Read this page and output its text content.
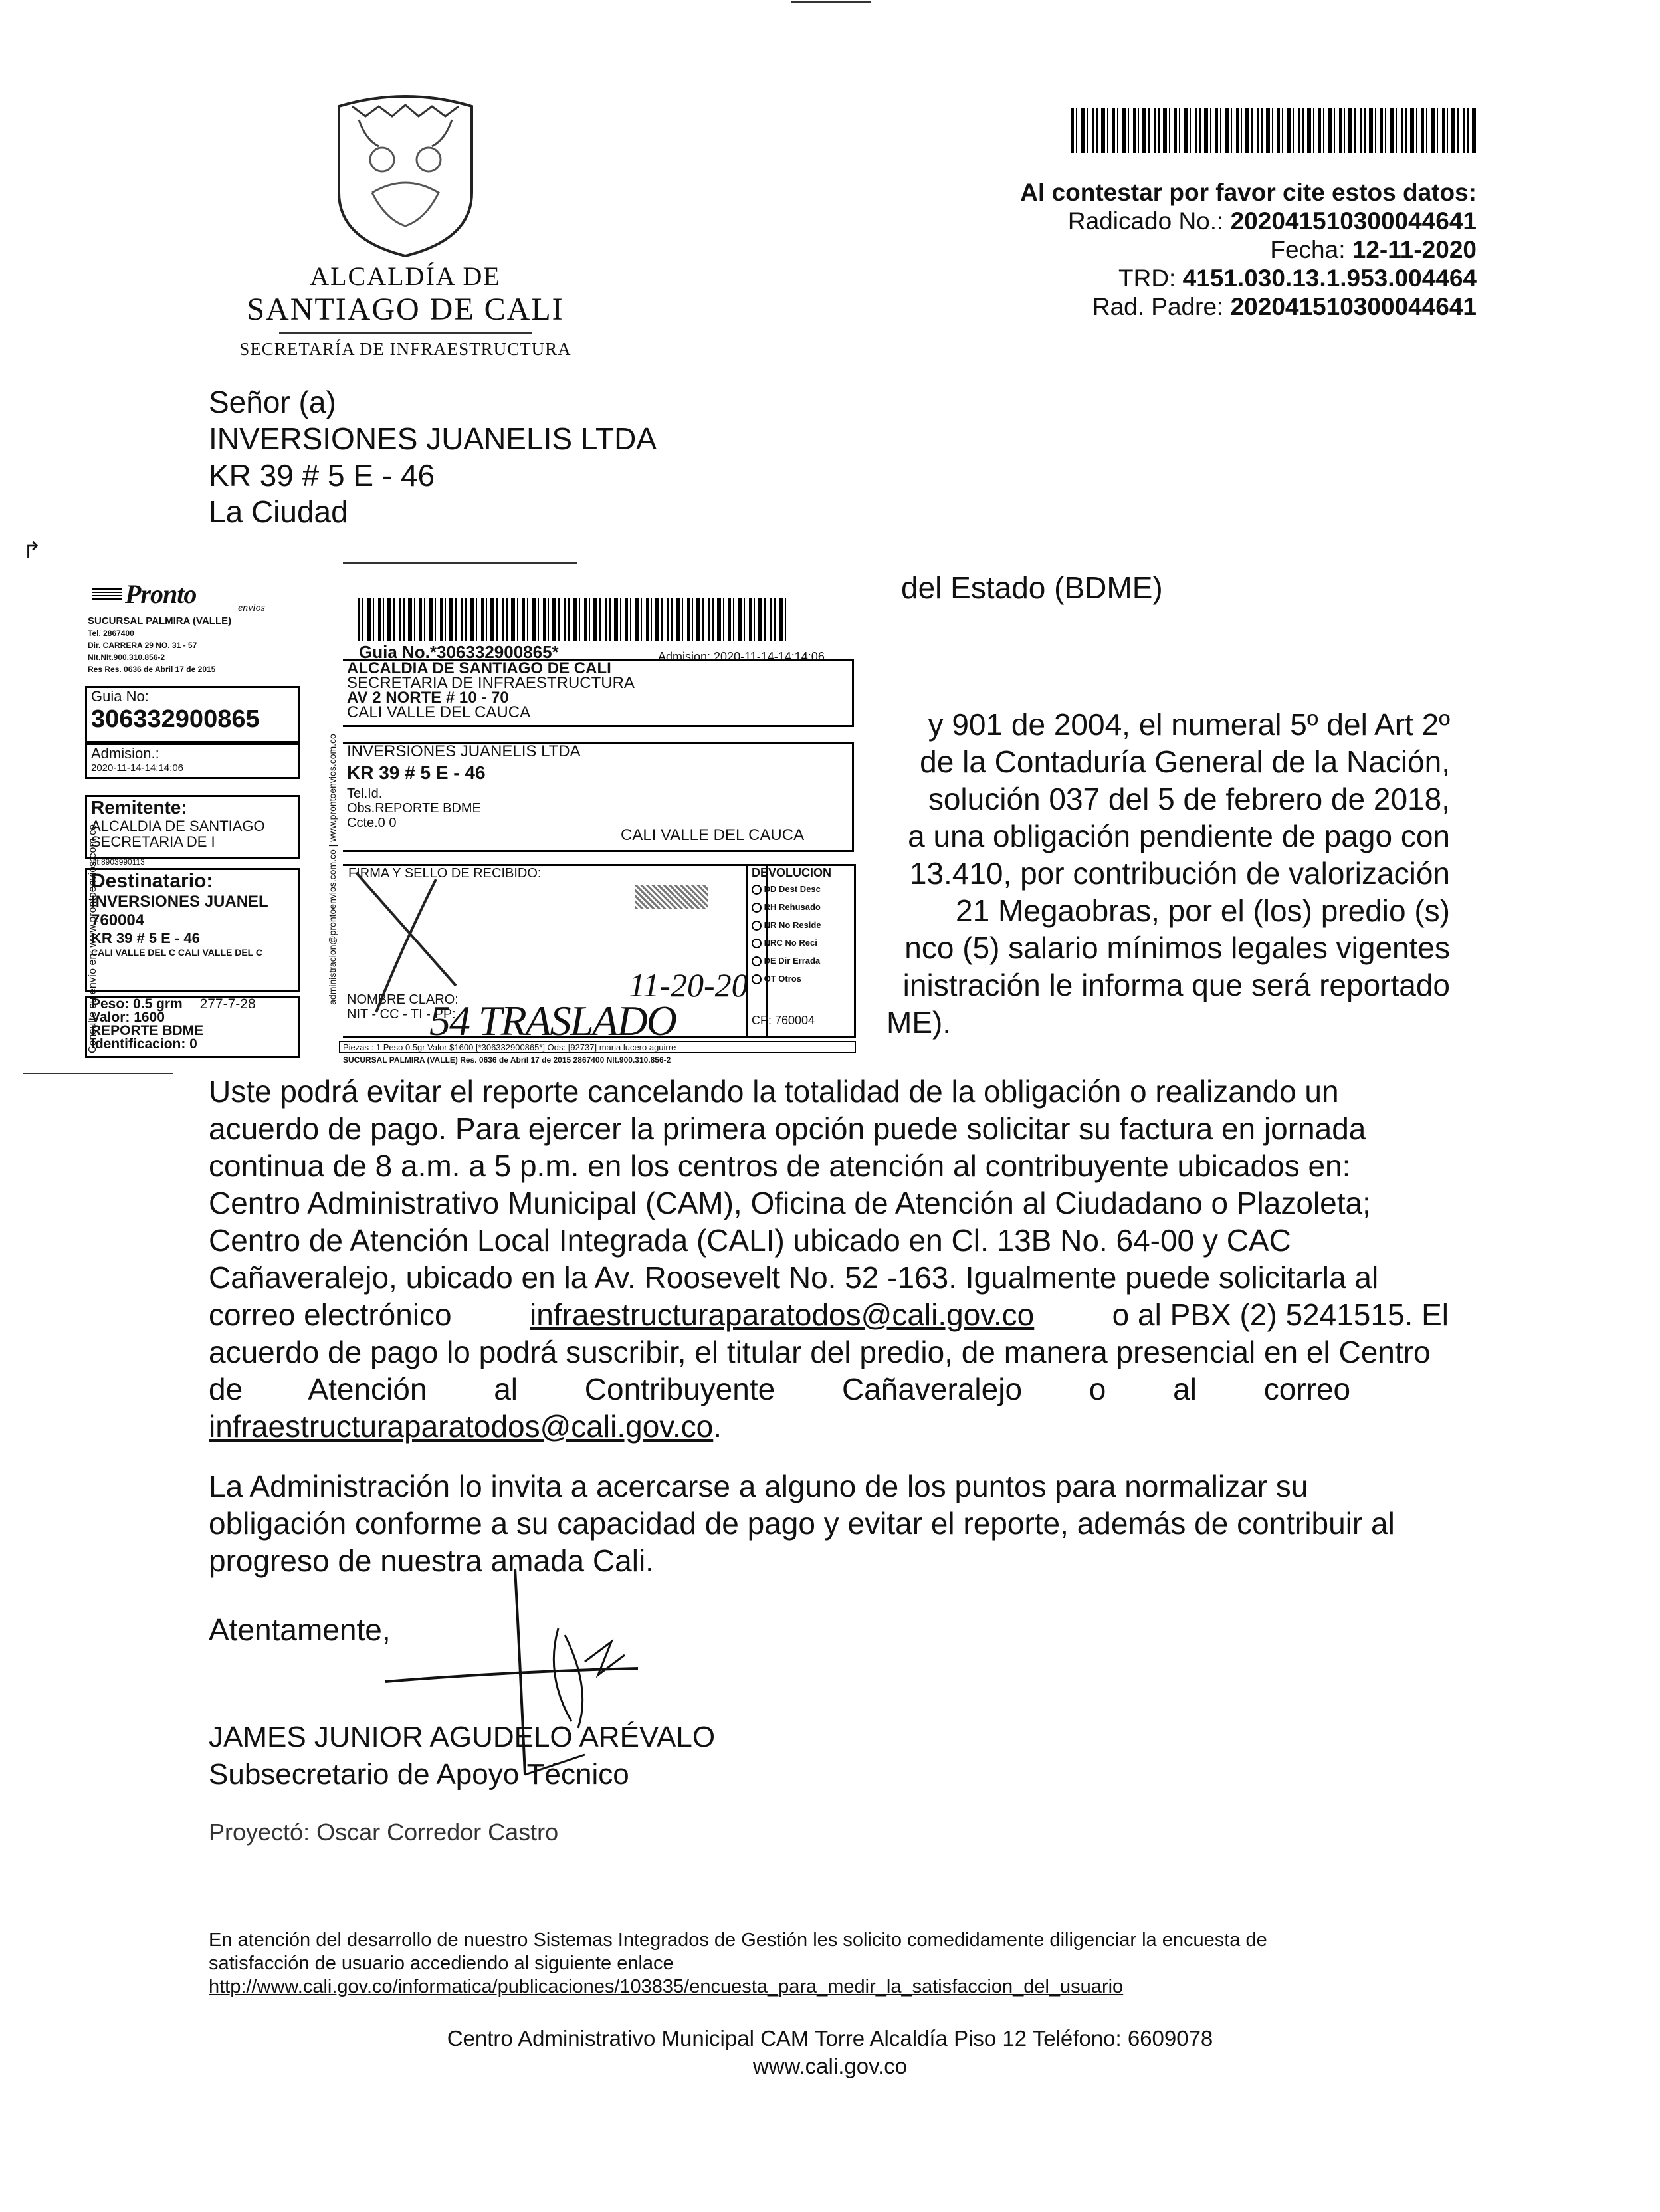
ALCALDÍA DE
SANTIAGO DE CALI
SECRETARÍA DE INFRAESTRUCTURA
Al contestar por favor cite estos datos:
Radicado No.: 202041510300044641
Fecha: 12-11-2020
TRD: 4151.030.13.1.953.004464
Rad. Padre: 202041510300044641
Señor (a)
INVERSIONES JUANELIS LTDA
KR 39 # 5 E - 46
La Ciudad
del Estado (BDME)
y 901 de 2004, el numeral 5º del Art 2º
de la Contaduría General de la Nación,
solución 037 del 5 de febrero de 2018,
a una obligación pendiente de pago con
13.410, por contribución de valorización
21 Megaobras, por el (los) predio (s)
nco (5) salario mínimos legales vigentes
inistración le informa que será reportado
ME).
Pronto	envíos
SUCURSAL PALMIRA (VALLE)
Tel. 2867400
Dir. CARRERA 29 NO. 31 - 57
NIt.NIt.900.310.856-2
Res Res. 0636 de Abril 17 de 2015
Guia No:
306332900865
Admision.:
2020-11-14-14:14:06
Remitente:
ALCALDIA DE SANTIAGO
SECRETARIA DE I
Nit:8903990113
Destinatario:
INVERSIONES JUANEL
760004
KR 39 # 5 E - 46
CALI VALLE DEL C CALI VALLE DEL C
Peso: 0.5 grm 277-7-28
Valor: 1600
REPORTE BDME
Identificacion: 0
Consulte su envío en: www.prontoenvios.com.co
Guia No.*306332900865*	Admision: 2020-11-14-14:14:06
ALCALDIA DE SANTIAGO DE CALI
SECRETARIA DE INFRAESTRUCTURA
AV 2 NORTE # 10 - 70
CALI VALLE DEL CAUCA
INVERSIONES JUANELIS LTDA
KR 39 # 5 E - 46
Tel.Id.
Obs.REPORTE BDME
Ccte.0 0
CALI VALLE DEL CAUCA
FIRMA Y SELLO DE RECIBIDO:
NOMBRE CLARO:
NIT - CC - TI - PP:
54 TRASLADO
11-20-20
DEVOLUCION
DD Dest Desc
RH Rehusado
NR No Reside
NRC No Reci
DE Dir Errada
OT Otros
CP: 760004
Piezas : 1 Peso 0.5gr Valor $1600 [*306332900865*] Ods: [92737] maria lucero aguirre
SUCURSAL PALMIRA (VALLE) Res. 0636 de Abril 17 de 2015 2867400 NIt.900.310.856-2
administracion@prontoenvios.com.co | www.prontoenvios.com.co
↱
Uste podrá evitar el reporte cancelando la totalidad de la obligación o realizando un
acuerdo de pago. Para ejercer la primera opción puede solicitar su factura en jornada
continua de 8 a.m. a 5 p.m. en los centros de atención al contribuyente ubicados en:
Centro Administrativo Municipal (CAM), Oficina de Atención al Ciudadano o Plazoleta;
Centro de Atención Local Integrada (CALI) ubicado en Cl. 13B No. 64-00 y CAC
Cañaveralejo, ubicado en la Av. Roosevelt No. 52 -163. Igualmente puede solicitarla al
correo electrónico	infraestructuraparatodos@cali.gov.co	o al PBX (2) 5241515. El
acuerdo de pago lo podrá suscribir, el titular del predio, de manera presencial en el Centro
de Atención al Contribuyente Cañaveralejo o al correo
infraestructuraparatodos@cali.gov.co.
La Administración lo invita a acercarse a alguno de los puntos para normalizar su
obligación conforme a su capacidad de pago y evitar el reporte, además de contribuir al
progreso de nuestra amada Cali.
Atentamente,
JAMES JUNIOR AGUDELO ARÉVALO
Subsecretario de Apoyo Técnico
Proyectó: Oscar Corredor Castro
En atención del desarrollo de nuestro Sistemas Integrados de Gestión les solicito comedidamente diligenciar la encuesta de
satisfacción de usuario accediendo al siguiente enlace
http://www.cali.gov.co/informatica/publicaciones/103835/encuesta_para_medir_la_satisfaccion_del_usuario
Centro Administrativo Municipal CAM Torre Alcaldía Piso 12 Teléfono: 6609078
www.cali.gov.co
